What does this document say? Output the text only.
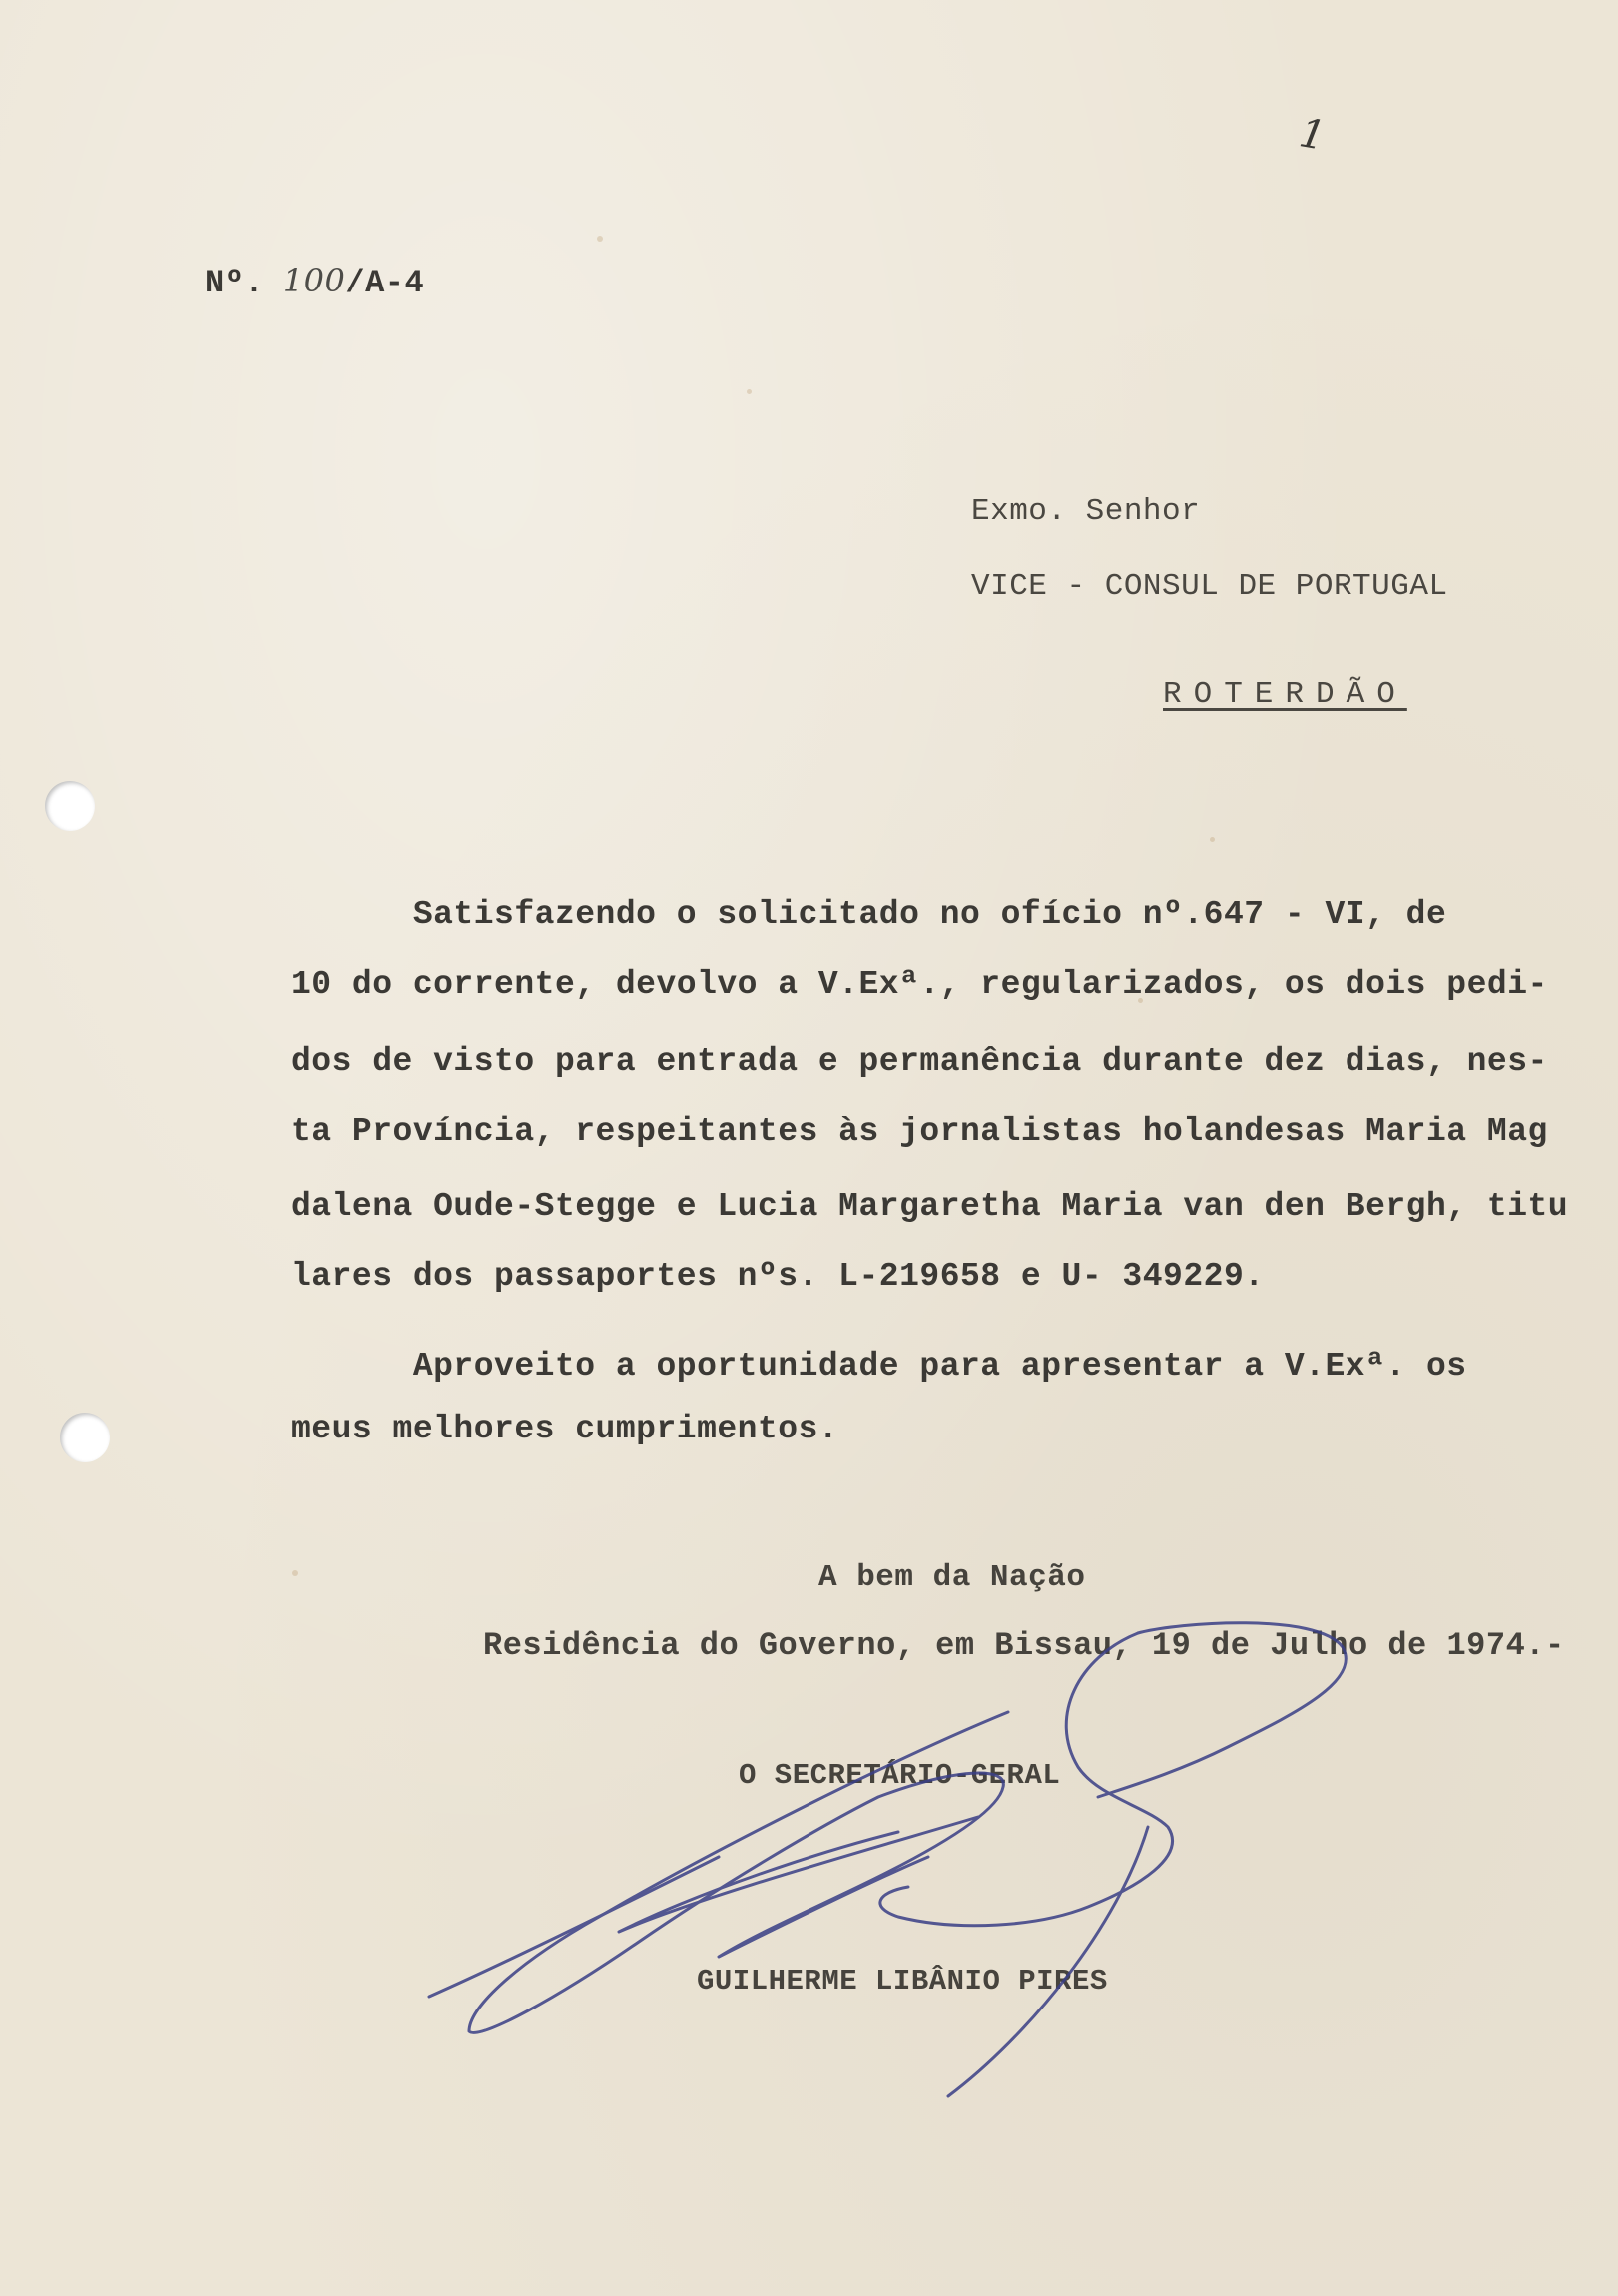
1
Nº. 100/A-4
Exmo. Senhor
VICE - CONSUL DE PORTUGAL
ROTERDÃO
Satisfazendo o solicitado no ofício nº.647 - VI, de
10 do corrente, devolvo a V.Exª., regularizados, os dois pedi-
dos de visto para entrada e permanência durante dez dias, nes-
ta Província, respeitantes às jornalistas holandesas Maria Mag
dalena Oude-Stegge e Lucia Margaretha Maria van den Bergh, titu
lares dos passaportes nºs. L-219658 e U- 349229.
Aproveito a oportunidade para apresentar a V.Exª. os
meus melhores cumprimentos.
A bem da Nação
Residência do Governo, em Bissau, 19 de Julho de 1974.-
O SECRETÁRIO-GERAL
GUILHERME LIBÂNIO PIRES
